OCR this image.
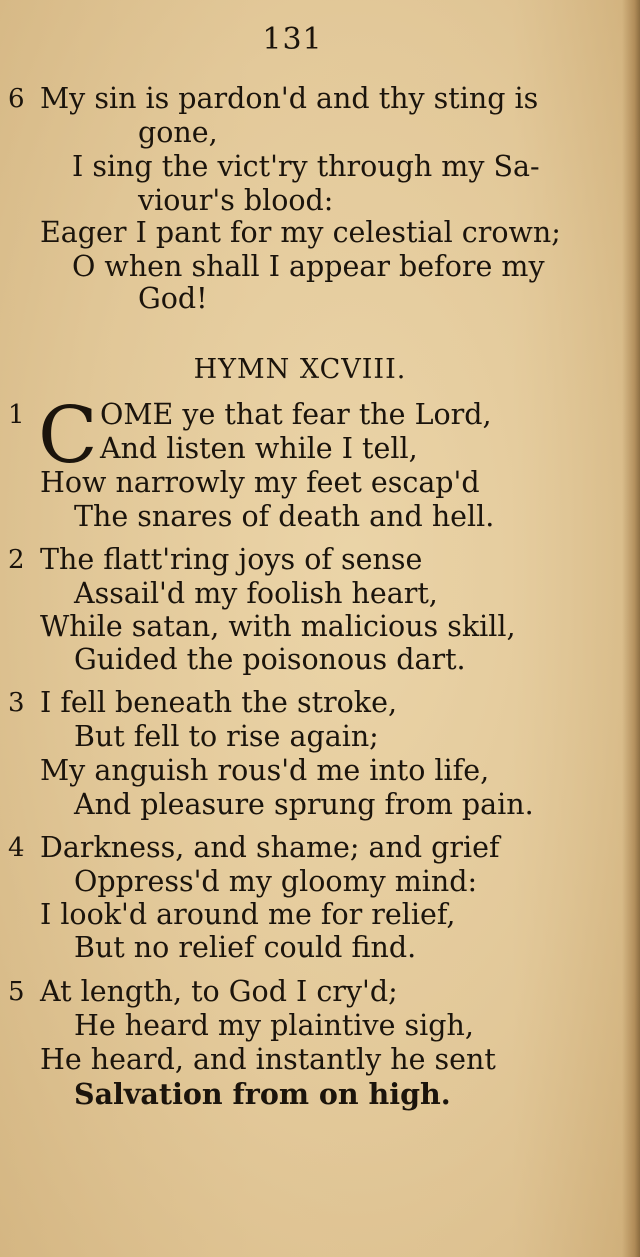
131
6 My sin is pardon'd and thy sting is
gone,
I sing the vict'ry through my Sa-
viour's blood:
Eager I pant for my celestial crown;
O when shall I appear before my
God!
HYMN XCVIII.
1 C OME ye that fear the Lord,
And listen while I tell,
How narrowly my feet escap'd
The snares of death and hell.
2 The flatt'ring joys of sense
Assail'd my foolish heart,
While satan, with malicious skill,
Guided the poisonous dart.
3 I fell beneath the stroke,
But fell to rise again;
My anguish rous'd me into life,
And pleasure sprung from pain.
4 Darkness, and shame; and grief
Oppress'd my gloomy mind:
I look'd around me for relief,
But no relief could find.
5 At length, to God I cry'd;
He heard my plaintive sigh,
He heard, and instantly he sent
Salvation from on high.
